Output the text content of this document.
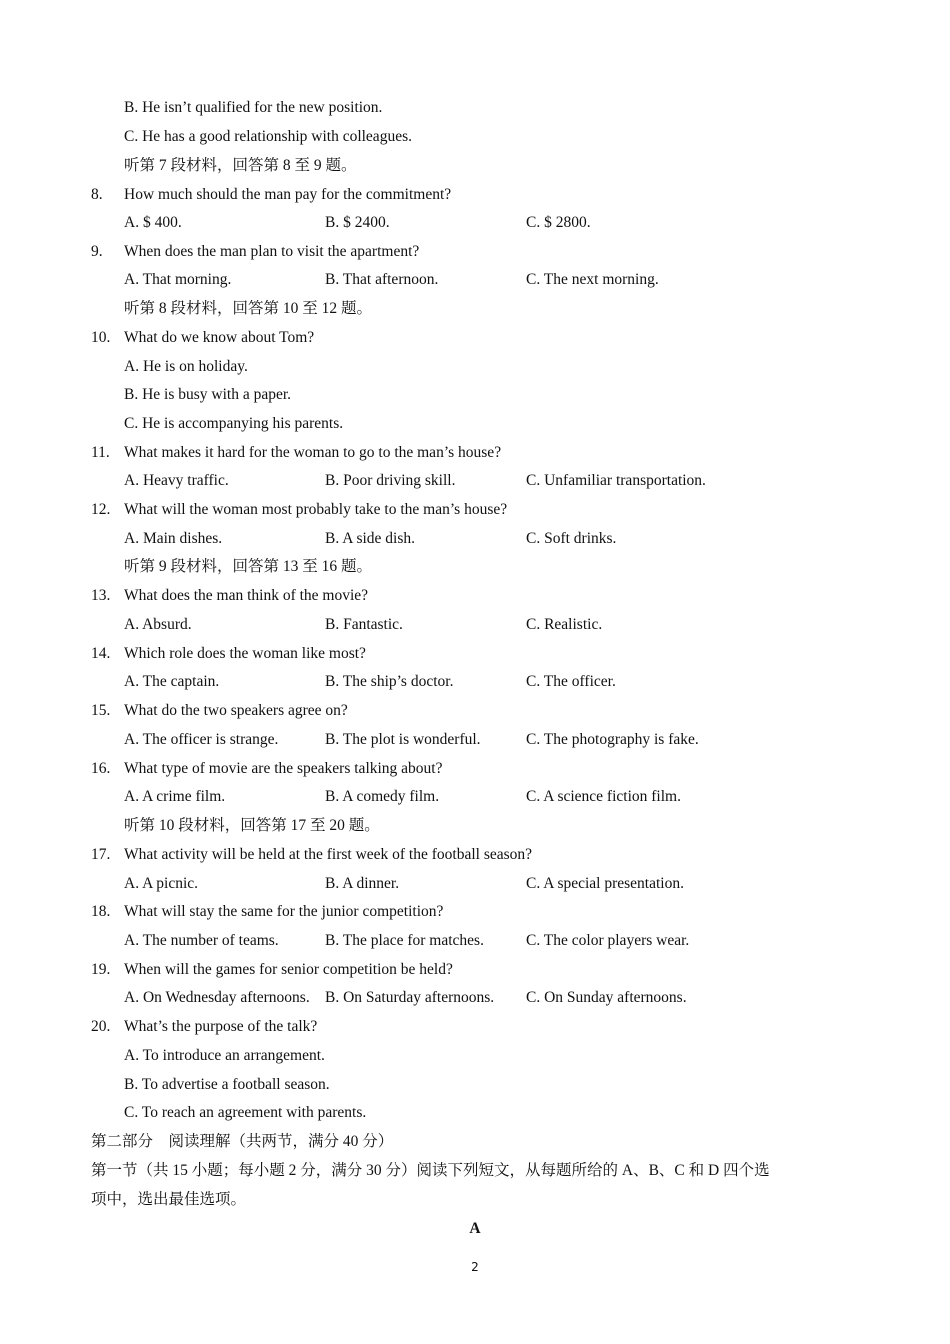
B. He isn’t qualified for the new position.
C. He has a good relationship with colleagues.
听第 7 段材料，回答第 8 至 9 题。
8. How much should the man pay for the commitment?
A. $ 400.	B. $ 2400.	C. $ 2800.
9. When does the man plan to visit the apartment?
A. That morning.	B. That afternoon.	C. The next morning.
听第 8 段材料，回答第 10 至 12 题。
10. What do we know about Tom?
A. He is on holiday.
B. He is busy with a paper.
C. He is accompanying his parents.
11. What makes it hard for the woman to go to the man’s house?
A. Heavy traffic.	B. Poor driving skill.	C. Unfamiliar transportation.
12. What will the woman most probably take to the man’s house?
A. Main dishes.	B. A side dish.	C. Soft drinks.
听第 9 段材料，回答第 13 至 16 题。
13. What does the man think of the movie?
A. Absurd.	B. Fantastic.	C. Realistic.
14. Which role does the woman like most?
A. The captain.	B. The ship’s doctor.	C. The officer.
15. What do the two speakers agree on?
A. The officer is strange.	B. The plot is wonderful.	C. The photography is fake.
16. What type of movie are the speakers talking about?
A. A crime film.	B. A comedy film.	C. A science fiction film.
听第 10 段材料，回答第 17 至 20 题。
17. What activity will be held at the first week of the football season?
A. A picnic.	B. A dinner.	C. A special presentation.
18. What will stay the same for the junior competition?
A. The number of teams.	B. The place for matches.	C. The color players wear.
19. When will the games for senior competition be held?
A. On Wednesday afternoons. B. On Saturday afternoons. C. On Sunday afternoons.
20. What’s the purpose of the talk?
A. To introduce an arrangement.
B. To advertise a football season.
C. To reach an agreement with parents.
第二部分　阅读理解（共两节，满分 40 分）
第一节（共 15 小题；每小题 2 分，满分 30 分）阅读下列短文，从每题所给的 A、B、C 和 D 四个选
项中，选出最佳选项。
A
2
